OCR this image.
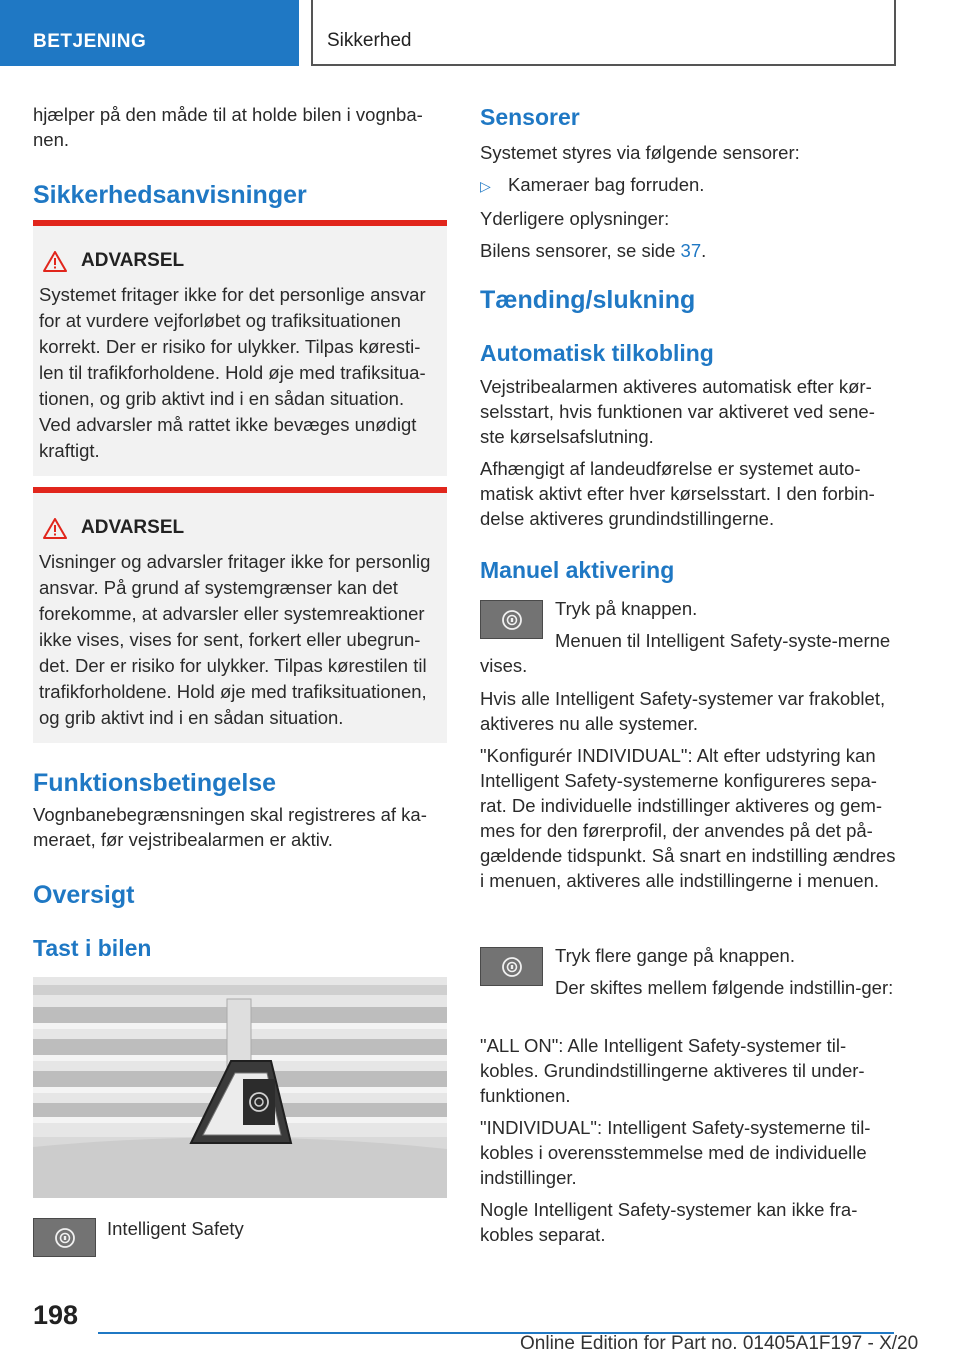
BETJENING	Sikkerhed

hjælper på den måde til at holde bilen i vognba-nen.

Sikkerhedsanvisninger
ADVARSEL
Systemet fritager ikke for det personlige ansvar for at vurdere vejforløbet og trafiksituationen korrekt. Der er risiko for ulykker. Tilpas køresti-len til trafikforholdene. Hold øje med trafiksitua-tionen, og grib aktivt ind i en sådan situation. Ved advarsler må rattet ikke bevæges unødigt kraftigt.
ADVARSEL
Visninger og advarsler fritager ikke for personlig ansvar. På grund af systemgrænser kan det forekomme, at advarsler eller systemreaktioner ikke vises, vises for sent, forkert eller ubegrun-det. Der er risiko for ulykker. Tilpas kørestilen til trafikforholdene. Hold øje med trafiksituationen, og grib aktivt ind i en sådan situation.
Funktionsbetingelse

Vognbanebegrænsningen skal registreres af ka-meraet, før vejstribealarmen er aktiv.

Oversigt
Tast i bilen

Intelligent Safety

Sensorer

Systemet styres via følgende sensorer:

▷ Kameraer bag forruden.

Yderligere oplysninger:

Bilens sensorer, se side 37.

Tænding/slukning
Automatisk tilkobling

Vejstribealarmen aktiveres automatisk efter kør-selsstart, hvis funktionen var aktiveret ved sene-ste kørselsafslutning.

Afhængigt af landeudførelse er systemet auto-matisk aktivt efter hver kørselsstart. I den forbin-delse aktiveres grundindstillingerne.

Manuel aktivering

Tryk på knappen.

Menuen til Intelligent Safety-syste-merne vises.

Hvis alle Intelligent Safety-systemer var frakoblet, aktiveres nu alle systemer.

"Konfigurér INDIVIDUAL": Alt efter udstyring kan Intelligent Safety-systemerne konfigureres sepa-rat. De individuelle indstillinger aktiveres og gem-mes for den førerprofil, der anvendes på det på-gældende tidspunkt. Så snart en indstilling ændres i menuen, aktiveres alle indstillingerne i menuen.

Tryk flere gange på knappen.

Der skiftes mellem følgende indstillin-ger:

"ALL ON": Alle Intelligent Safety-systemer til-kobles. Grundindstillingerne aktiveres til under-funktionen.

"INDIVIDUAL": Intelligent Safety-systemerne til-kobles i overensstemmelse med de individuelle indstillinger.

Nogle Intelligent Safety-systemer kan ikke fra-kobles separat.

198
Online Edition for Part no. 01405A1F197 - X/20
